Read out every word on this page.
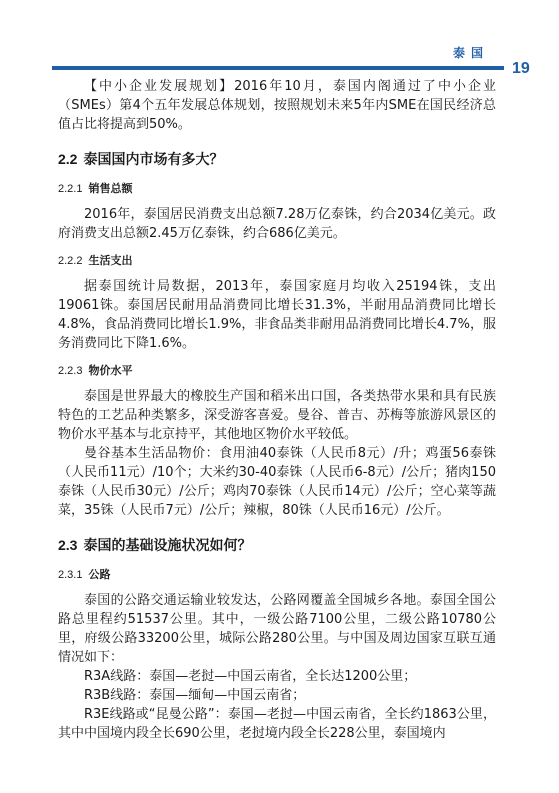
泰国
19

【中小企业发展规划】2016年10月，泰国内阁通过了中小企业（SMEs）第4个五年发展总体规划，按照规划未来5年内SME在国民经济总值占比将提高到50%。

2.2 泰国国内市场有多大？
2.2.1 销售总额

2016年，泰国居民消费支出总额7.28万亿泰铢，约合2034亿美元。政府消费支出总额2.45万亿泰铢，约合686亿美元。

2.2.2 生活支出

据泰国统计局数据，2013年，泰国家庭月均收入25194铢，支出19061铢。泰国居民耐用品消费同比增长31.3%，半耐用品消费同比增长4.8%，食品消费同比增长1.9%，非食品类非耐用品消费同比增长4.7%，服务消费同比下降1.6%。

2.2.3 物价水平

泰国是世界最大的橡胶生产国和稻米出口国，各类热带水果和具有民族特色的工艺品种类繁多，深受游客喜爱。曼谷、普吉、苏梅等旅游风景区的物价水平基本与北京持平，其他地区物价水平较低。

曼谷基本生活品物价：食用油40泰铢（人民币8元）/升；鸡蛋56泰铢（人民币11元）/10个；大米约30-40泰铢（人民币6-8元）/公斤；猪肉150泰铢（人民币30元）/公斤；鸡肉70泰铢（人民币14元）/公斤；空心菜等蔬菜，35铢（人民币7元）/公斤；辣椒，80铢（人民币16元）/公斤。

2.3 泰国的基础设施状况如何？
2.3.1 公路

泰国的公路交通运输业较发达，公路网覆盖全国城乡各地。泰国全国公路总里程约51537公里。其中，一级公路7100公里，二级公路10780公里，府级公路33200公里，城际公路280公里。与中国及周边国家互联互通情况如下：

R3A线路：泰国—老挝—中国云南省，全长达1200公里；

R3B线路：泰国—缅甸—中国云南省；

R3E线路或“昆曼公路”：泰国—老挝—中国云南省，全长约1863公里，其中中国境内段全长690公里，老挝境内段全长228公里，泰国境内
